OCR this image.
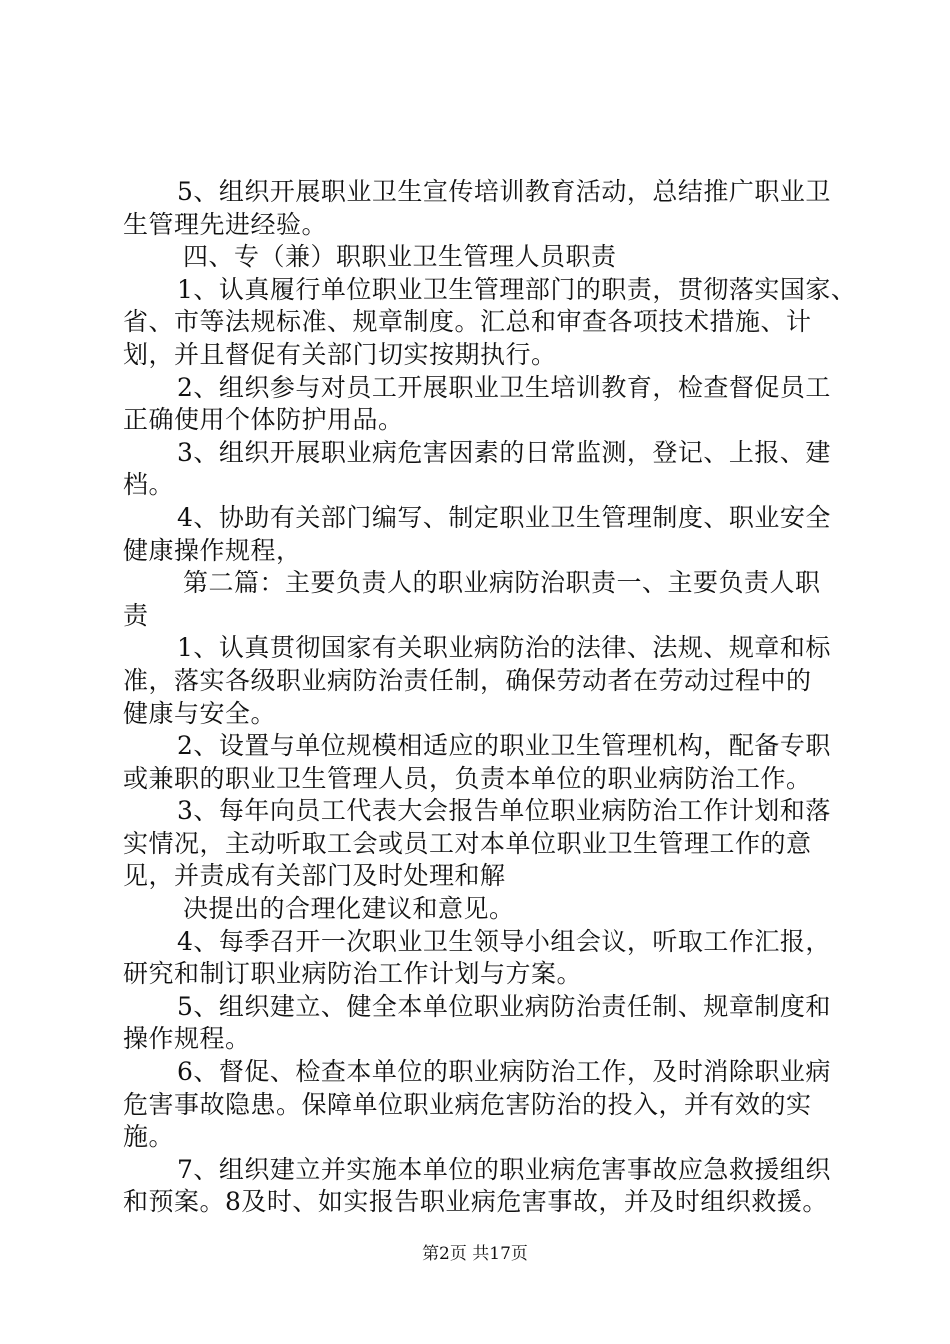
5、组织开展职业卫生宣传培训教育活动，总结推广职业卫
生管理先进经验。
四、专（兼）职职业卫生管理人员职责
1、认真履行单位职业卫生管理部门的职责，贯彻落实国家、
省、市等法规标准、规章制度。汇总和审查各项技术措施、计
划，并且督促有关部门切实按期执行。
2、组织参与对员工开展职业卫生培训教育，检查督促员工
正确使用个体防护用品。
3、组织开展职业病危害因素的日常监测，登记、上报、建
档。
4、协助有关部门编写、制定职业卫生管理制度、职业安全
健康操作规程，
第二篇：主要负责人的职业病防治职责一、主要负责人职
责
1、认真贯彻国家有关职业病防治的法律、法规、规章和标
准，落实各级职业病防治责任制，确保劳动者在劳动过程中的
健康与安全。
2、设置与单位规模相适应的职业卫生管理机构，配备专职
或兼职的职业卫生管理人员，负责本单位的职业病防治工作。
3、每年向员工代表大会报告单位职业病防治工作计划和落
实情况，主动听取工会或员工对本单位职业卫生管理工作的意
见，并责成有关部门及时处理和解
决提出的合理化建议和意见。
4、每季召开一次职业卫生领导小组会议，听取工作汇报，
研究和制订职业病防治工作计划与方案。
5、组织建立、健全本单位职业病防治责任制、规章制度和
操作规程。
6、督促、检查本单位的职业病防治工作，及时消除职业病
危害事故隐患。保障单位职业病危害防治的投入，并有效的实
施。
7、组织建立并实施本单位的职业病危害事故应急救援组织
和预案。8及时、如实报告职业病危害事故，并及时组织救援。
第2页 共17页
